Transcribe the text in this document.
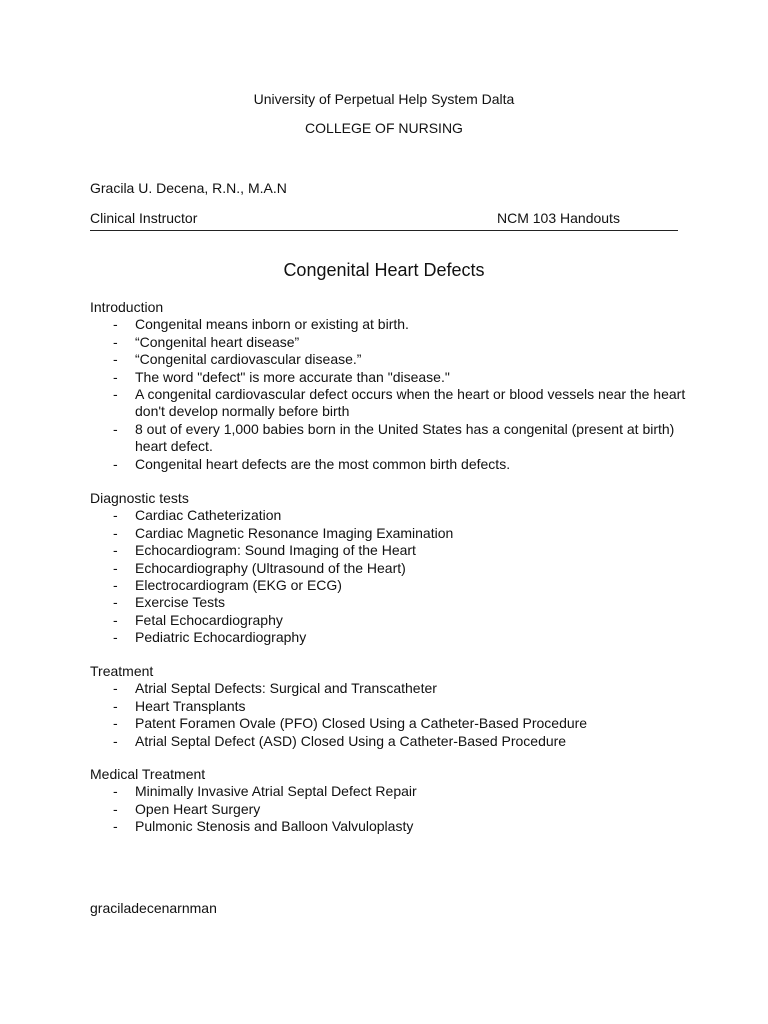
University of Perpetual Help System Dalta
COLLEGE OF NURSING
Gracila U. Decena, R.N., M.A.N
Clinical Instructor	NCM 103 Handouts
Congenital Heart Defects
Introduction
- Congenital means inborn or existing at birth.
- “Congenital heart disease”
- “Congenital cardiovascular disease.”
- The word "defect" is more accurate than "disease."
- A congenital cardiovascular defect occurs when the heart or blood vessels near the heart don't develop normally before birth
- 8 out of every 1,000 babies born in the United States has a congenital (present at birth) heart defect.
- Congenital heart defects are the most common birth defects.
Diagnostic tests
- Cardiac Catheterization
- Cardiac Magnetic Resonance Imaging Examination
- Echocardiogram: Sound Imaging of the Heart
- Echocardiography (Ultrasound of the Heart)
- Electrocardiogram (EKG or ECG)
- Exercise Tests
- Fetal Echocardiography
- Pediatric Echocardiography
Treatment
- Atrial Septal Defects: Surgical and Transcatheter
- Heart Transplants
- Patent Foramen Ovale (PFO) Closed Using a Catheter-Based Procedure
- Atrial Septal Defect (ASD) Closed Using a Catheter-Based Procedure
Medical Treatment
- Minimally Invasive Atrial Septal Defect Repair
- Open Heart Surgery
- Pulmonic Stenosis and Balloon Valvuloplasty
graciladecenarnman
